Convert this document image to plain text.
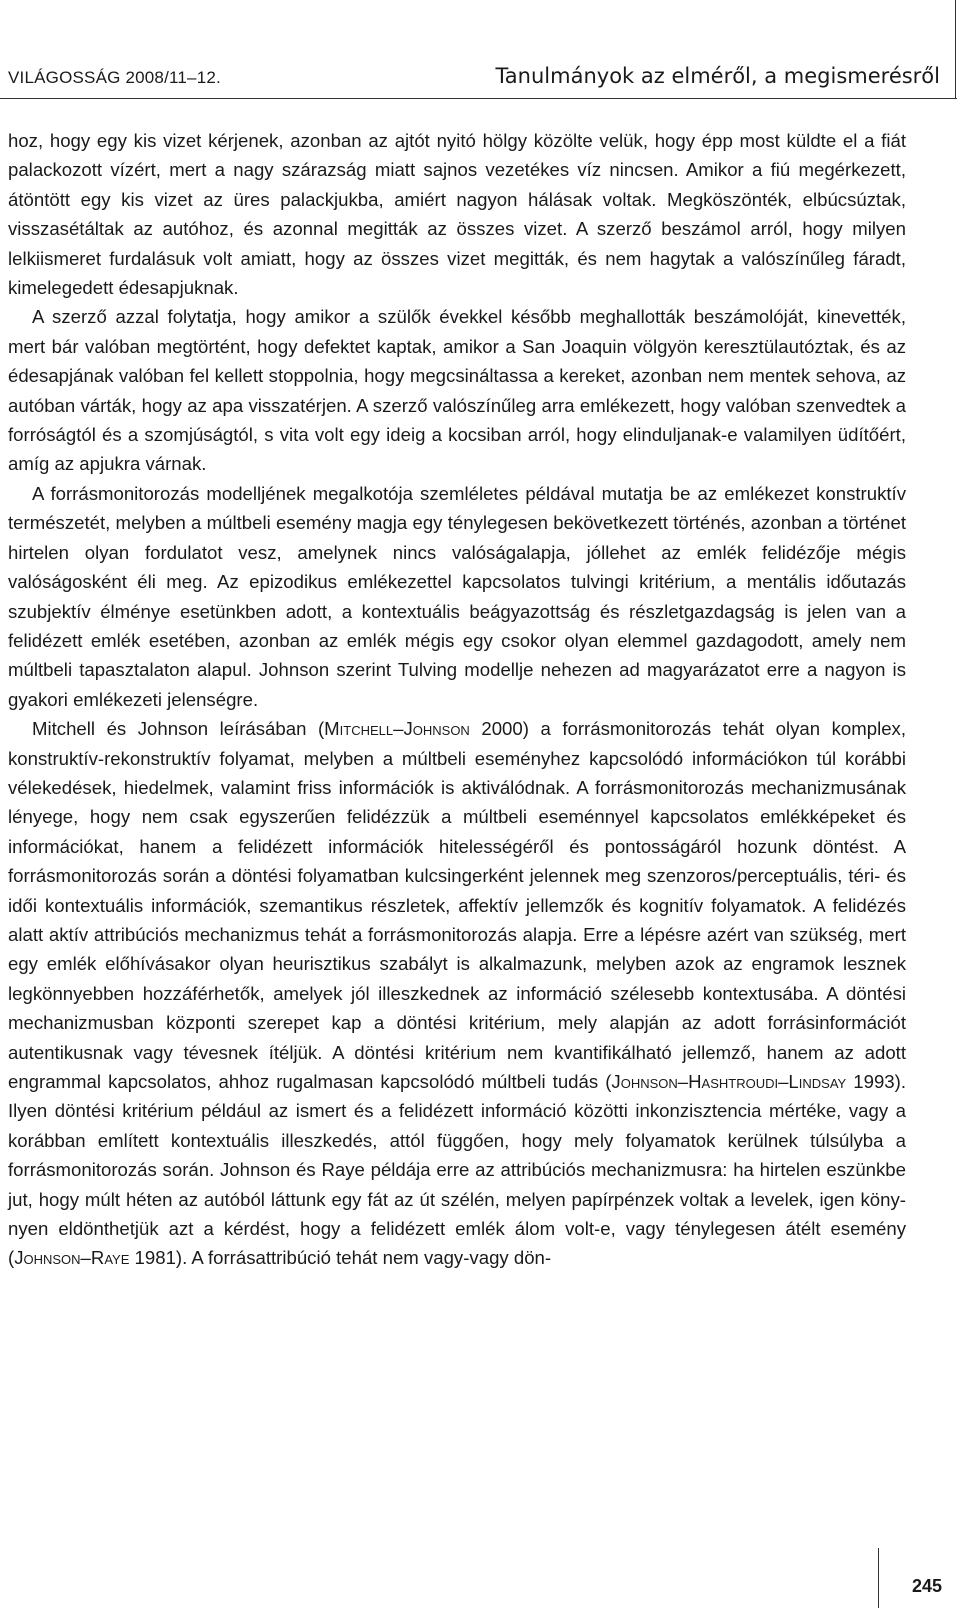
VILÁGOSSÁG 2008/11–12.	Tanulmányok az elméről, a megismerésről

hoz, hogy egy kis vizet kérjenek, azonban az ajtót nyitó hölgy közölte velük, hogy épp most küldte el a fiát palackozott vízért, mert a nagy szárazság miatt sajnos vezetékes víz nincsen. Amikor a fiú megérkezett, átöntött egy kis vizet az üres palackjukba, amiért nagyon hálásak voltak. Megköszönték, elbúcsúztak, visszasétáltak az autóhoz, és azonnal megitták az összes vizet. A szerző beszámol arról, hogy milyen lelkiismeret furdalásuk volt amiatt, hogy az összes vizet megitták, és nem hagytak a valószínűleg fáradt, kimelegedett édesapjuknak.

A szerző azzal folytatja, hogy amikor a szülők évekkel később meghallották beszámolóját, kinevették, mert bár valóban megtörtént, hogy defektet kaptak, amikor a San Joaquin völgyön keresztülautóztak, és az édesapjának valóban fel kellett stoppolnia, hogy megcsináltassa a kereket, azonban nem mentek sehova, az autóban várták, hogy az apa visszatérjen. A szerző valószínűleg arra emlékezett, hogy valóban szenvedtek a forróságtól és a szomjúságtól, s vita volt egy ideig a kocsiban arról, hogy elinduljanak-e valamilyen üdítőért, amíg az apjukra várnak.

A forrásmonitorozás modelljének megalkotója szemléletes példával mutatja be az emlékezet konstruktív természetét, melyben a múltbeli esemény magja egy ténylegesen bekövetkezett történés, azonban a történet hirtelen olyan fordulatot vesz, amelynek nincs valóságalapja, jóllehet az emlék felidézője mégis valóságosként éli meg. Az epizodikus emlékezettel kapcsolatos tulvingi kritérium, a mentális időutazás szubjektív élménye esetünkben adott, a kontextuális beágyazottság és részletgazdagság is jelen van a felidézett emlék esetében, azonban az emlék mégis egy csokor olyan elemmel gazdagodott, amely nem múltbeli tapasztalaton alapul. Johnson szerint Tulving modellje nehezen ad magyarázatot erre a nagyon is gyakori emlékezeti jelenségre.

Mitchell és Johnson leírásában (Mitchell–Johnson 2000) a forrásmonitorozás tehát olyan komplex, konstruktív-rekonstruktív folyamat, melyben a múltbeli eseményhez kapcsolódó információkon túl korábbi vélekedések, hiedelmek, valamint friss információk is aktiválódnak. A forrásmonitorozás mechanizmusának lényege, hogy nem csak egyszerűen felidézzük a múltbeli eseménnyel kapcsolatos emlékképeket és információkat, hanem a felidézett információk hitelességéről és pontosságáról hozunk döntést. A forrásmonitorozás során a döntési folyamatban kulcsingerként jelennek meg szenzoros/perceptuális, téri- és idői kontextuális információk, szemantikus részletek, affektív jellemzők és kognitív folyamatok. A felidézés alatt aktív attribúciós mechanizmus tehát a forrásmonitorozás alapja. Erre a lépésre azért van szükség, mert egy emlék előhívásakor olyan heurisztikus szabályt is alkalmazunk, melyben azok az engramok lesznek legkönnyebben hozzáférhetők, amelyek jól illeszkednek az információ szélesebb kontextusába. A döntési mechanizmusban központi szerepet kap a döntési kritérium, mely alapján az adott forrásinformációt autentikusnak vagy tévesnek ítéljük. A döntési kritérium nem kvantifikálható jellemző, hanem az adott engrammal kapcsolatos, ahhoz rugalmasan kapcsolódó múltbeli tudás (Johnson–Hashtroudi–Lindsay 1993). Ilyen döntési kritérium például az ismert és a felidézett információ közötti inkonzisztencia mértéke, vagy a korábban említett kontextuális illeszkedés, attól függően, hogy mely folyamatok kerülnek túlsúlyba a forrásmonitorozás során. Johnson és Raye példája erre az attribúciós mechanizmusra: ha hirtelen eszünkbe jut, hogy múlt héten az autóból láttunk egy fát az út szélén, melyen papírpénzek voltak a levelek, igen könynyen eldönthetjük azt a kérdést, hogy a felidézett emlék álom volt-e, vagy ténylegesen átélt esemény (Johnson–Raye 1981). A forrásattribúció tehát nem vagy-vagy dön-

245
